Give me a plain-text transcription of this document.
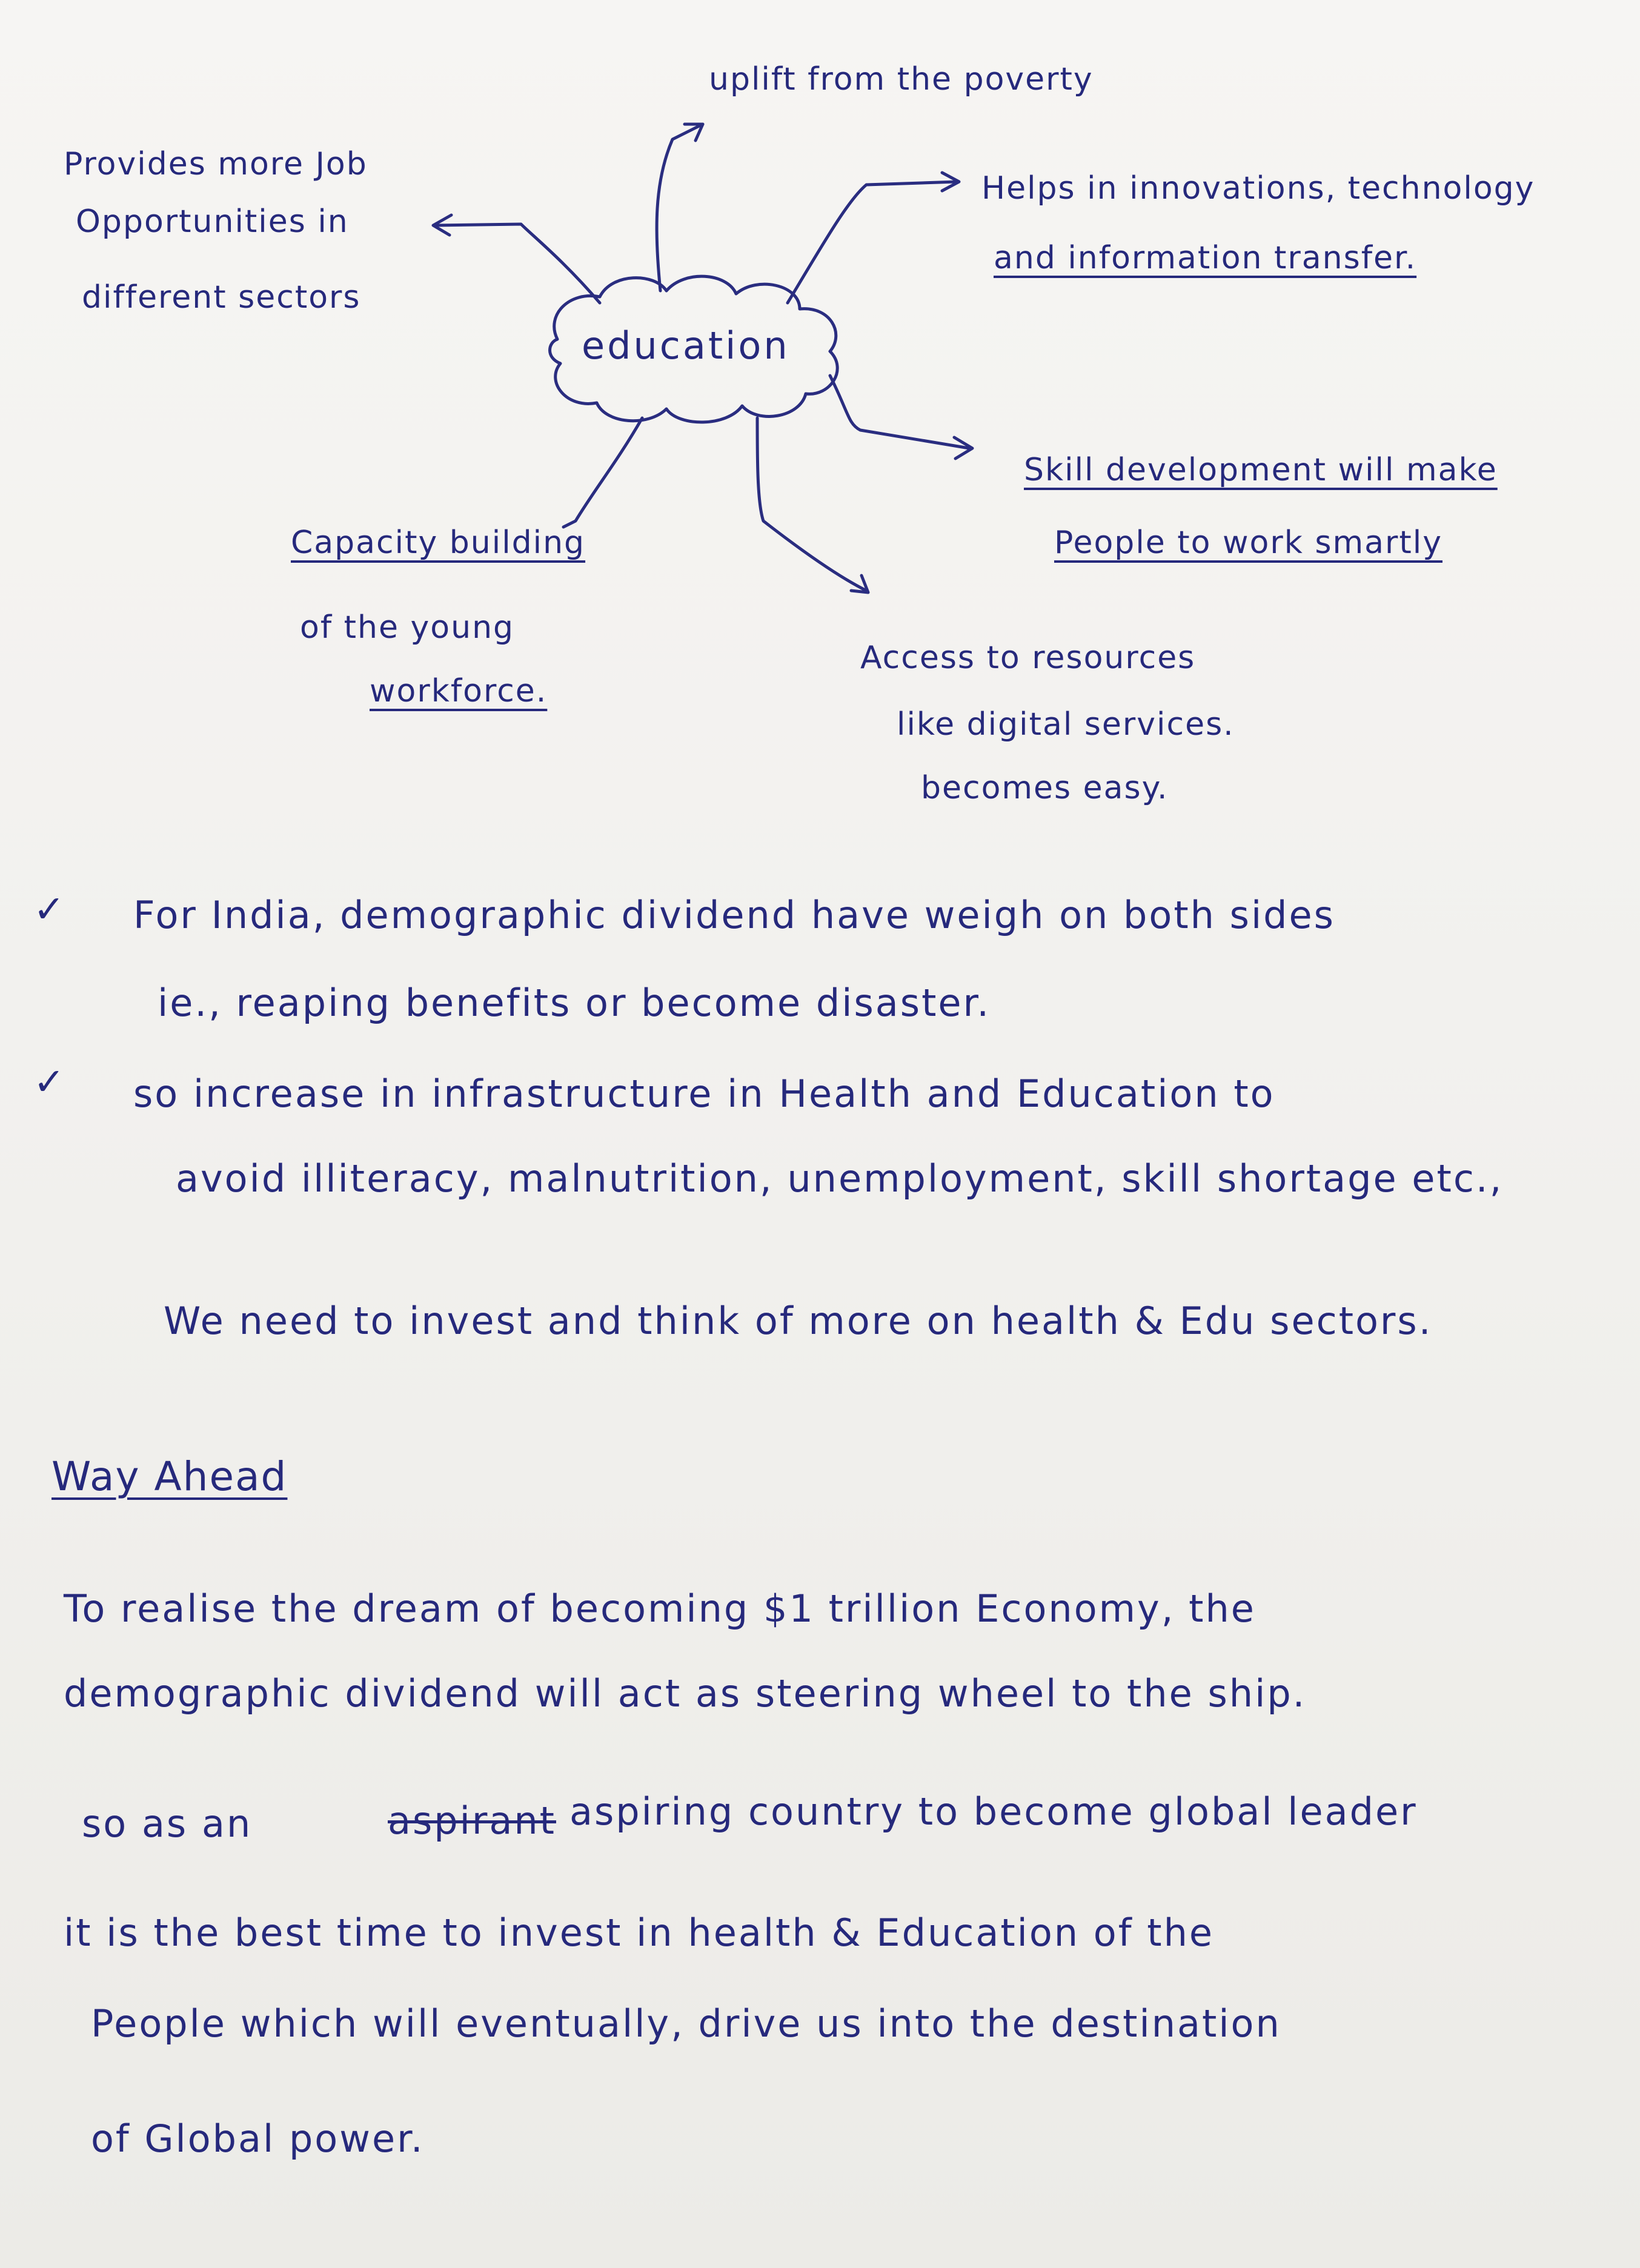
uplift from the poverty
Provides more Job
Opportunities in
different sectors
Helps in innovations, technology
and information transfer.
education
Skill development will make
People to work smartly
Capacity building
of the young
workforce.
Access to resources
like digital services.
becomes easy.
✓ For India, demographic dividend have weigh on both sides
ie., reaping benefits or become disaster.
✓ so increase in infrastructure in Health and Education to
avoid illiteracy, malnutrition, unemployment, skill shortage etc.,
We need to invest and think of more on health & Edu sectors.
Way Ahead
To realise the dream of becoming $1 trillion Economy, the
demographic dividend will act as steering wheel to the ship.
so as an	aspirant aspiring country to become global leader
it is the best time to invest in health & Education of the
People which will eventually, drive us into the destination
of Global power.
